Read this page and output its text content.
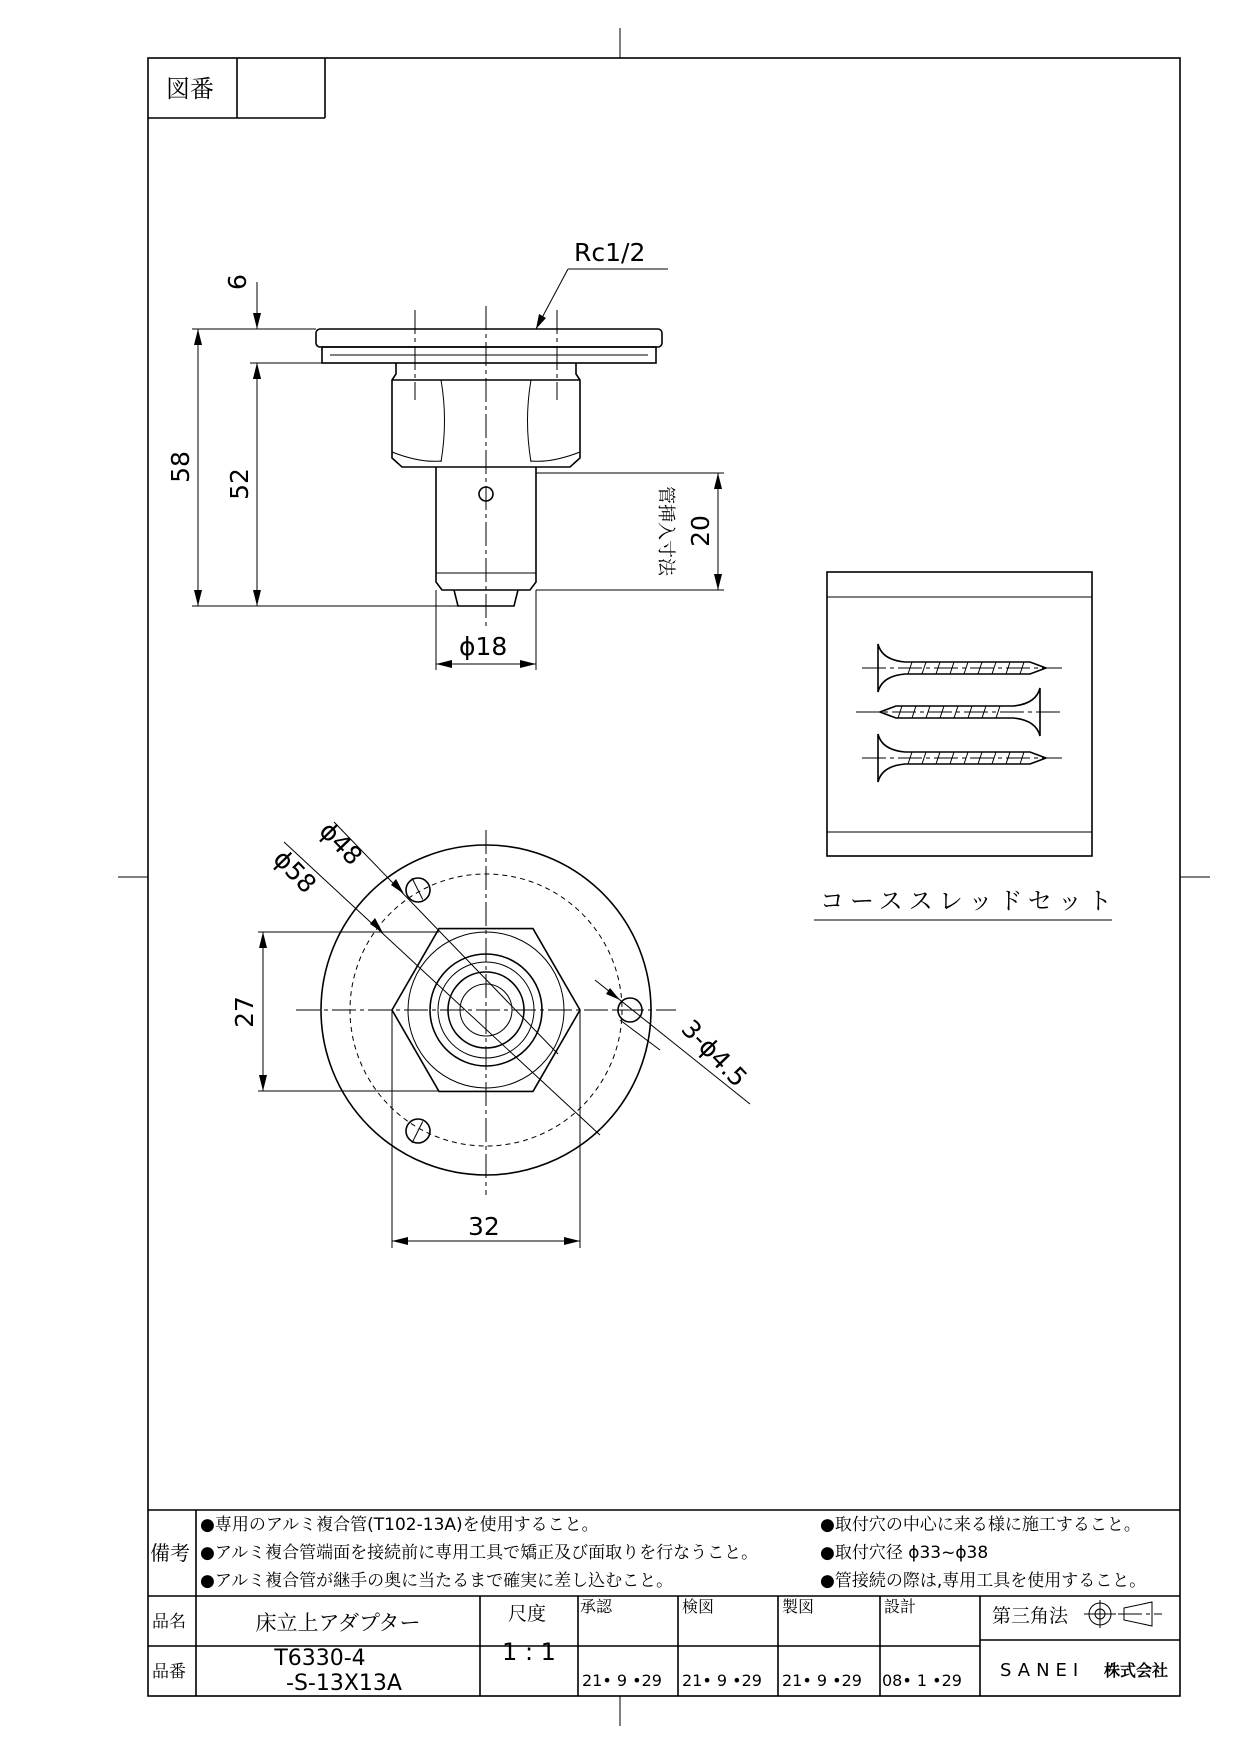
図番
Rc1/2
6
58
52
管挿入寸法 20
ϕ18
ϕ48
ϕ58
3-ϕ4.5
27
32
コーススレッドセット
備考
●専用のアルミ複合管(T102-13A)を使用すること。
●アルミ複合管端面を接続前に専用工具で矯正及び面取りを行なうこと。
●アルミ複合管が継手の奥に当たるまで確実に差し込むこと。
●取付穴の中心に来る様に施工すること。
●取付穴径 ϕ33~ϕ38
●管接続の際は,専用工具を使用すること。
品名	床立上アダプター
品番
T6330-4
-S-13X13A
尺度
1 : 1
承認
21• 9 •29
検図
21• 9 •29
製図
21• 9 •29
設計
08• 1 •29
第三角法
SANEI 株式会社
